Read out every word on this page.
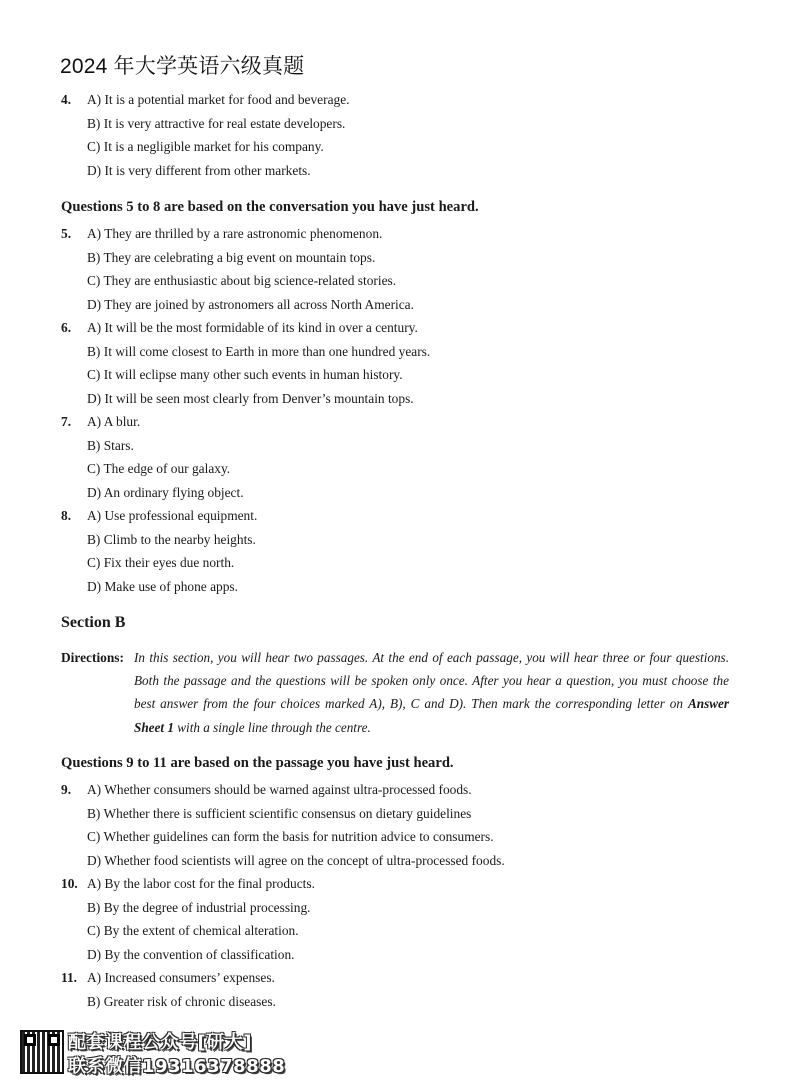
2024 年大学英语六级真题
4. A) It is a potential market for food and beverage.
B) It is very attractive for real estate developers.
C) It is a negligible market for his company.
D) It is very different from other markets.
Questions 5 to 8 are based on the conversation you have just heard.
5. A) They are thrilled by a rare astronomic phenomenon.
B) They are celebrating a big event on mountain tops.
C) They are enthusiastic about big science-related stories.
D) They are joined by astronomers all across North America.
6. A) It will be the most formidable of its kind in over a century.
B) It will come closest to Earth in more than one hundred years.
C) It will eclipse many other such events in human history.
D) It will be seen most clearly from Denver’s mountain tops.
7. A) A blur.
B) Stars.
C) The edge of our galaxy.
D) An ordinary flying object.
8. A) Use professional equipment.
B) Climb to the nearby heights.
C) Fix their eyes due north.
D) Make use of phone apps.
Section B
Directions: In this section, you will hear two passages. At the end of each passage, you will hear three or four questions. Both the passage and the questions will be spoken only once. After you hear a question, you must choose the best answer from the four choices marked A), B), C and D). Then mark the corresponding letter on Answer Sheet 1 with a single line through the centre.
Questions 9 to 11 are based on the passage you have just heard.
9. A) Whether consumers should be warned against ultra-processed foods.
B) Whether there is sufficient scientific consensus on dietary guidelines
C) Whether guidelines can form the basis for nutrition advice to consumers.
D) Whether food scientists will agree on the concept of ultra-processed foods.
10. A) By the labor cost for the final products.
B) By the degree of industrial processing.
C) By the extent of chemical alteration.
D) By the convention of classification.
11. A) Increased consumers’ expenses.
B) Greater risk of chronic diseases.
配套课程公众号[研大]
联系微信19316378888
